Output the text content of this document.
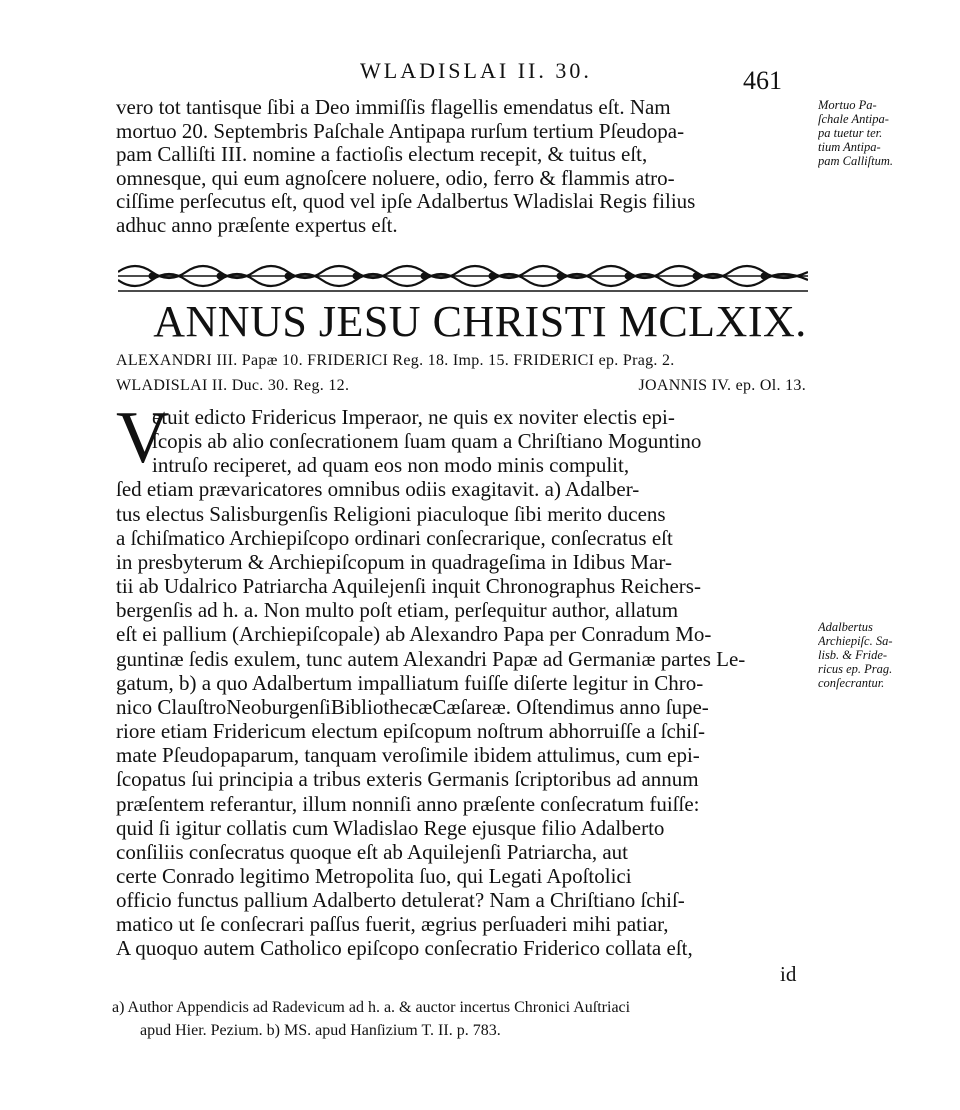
WLADISLAI II. 30.	461
vero tot tantisque ſibi a Deo immiſſis flagellis emendatus eſt. Nam
mortuo 20. Septembris Paſchale Antipapa rurſum tertium Pſeudopa-
pam Calliſti III. nomine a factioſis electum recepit, & tuitus eſt,
omnesque, qui eum agnoſcere noluere, odio, ferro & flammis atro-
ciſſime perſecutus eſt, quod vel ipſe Adalbertus Wladislai Regis filius
adhuc anno præſente expertus eſt.
Mortuo Pa-
ſchale Antipa-
pa tuetur ter.
tium Antipa-
pam Calliſtum.
ANNUS JESU CHRISTI MCLXIX.
ALEXANDRI III. Papæ 10. FRIDERICI Reg. 18. Imp. 15. FRIDERICI ep. Prag. 2.
WLADISLAI II. Duc. 30. Reg. 12.	JOANNIS IV. ep. Ol. 13.
V
etuit edicto Fridericus Imperaor, ne quis ex noviter electis epi-
ſcopis ab alio conſecrationem ſuam quam a Chriſtiano Moguntino
intruſo reciperet, ad quam eos non modo minis compulit,
ſed etiam prævaricatores omnibus odiis exagitavit. a) Adalber-
tus electus Salisburgenſis Religioni piaculoque ſibi merito ducens
a ſchiſmatico Archiepiſcopo ordinari conſecrarique, conſecratus eſt
in presbyterum & Archiepiſcopum in quadrageſima in Idibus Mar-
tii ab Udalrico Patriarcha Aquilejenſi inquit Chronographus Reichers-
bergenſis ad h. a. Non multo poſt etiam, perſequitur author, allatum
eſt ei pallium (Archiepiſcopale) ab Alexandro Papa per Conradum Mo-
guntinæ ſedis exulem, tunc autem Alexandri Papæ ad Germaniæ partes Le-
gatum, b) a quo Adalbertum impalliatum fuiſſe diſerte legitur in Chro-
nico ClauſtroNeoburgenſiBibliothecæCæſareæ. Oſtendimus anno ſupe-
riore etiam Fridericum electum epiſcopum noſtrum abhorruiſſe a ſchiſ-
mate Pſeudopaparum, tanquam veroſimile ibidem attulimus, cum epi-
ſcopatus ſui principia a tribus exteris Germanis ſcriptoribus ad annum
præſentem referantur, illum nonniſi anno præſente conſecratum fuiſſe:
quid ſi igitur collatis cum Wladislao Rege ejusque filio Adalberto
conſiliis conſecratus quoque eſt ab Aquilejenſi Patriarcha, aut
certe Conrado legitimo Metropolita ſuo, qui Legati Apoſtolici
officio functus pallium Adalberto detulerat? Nam a Chriſtiano ſchiſ-
matico ut ſe conſecrari paſſus fuerit, ægrius perſuaderi mihi patiar,
A quoquo autem Catholico epiſcopo conſecratio Friderico collata eſt,
Adalbertus
Archiepiſc. Sa-
lisb. & Fride-
ricus ep. Prag.
conſecrantur.
id
a) Author Appendicis ad Radevicum ad h. a. & auctor incertus Chronici Auſtriaci
apud Hier. Pezium. b) MS. apud Hanſizium T. II. p. 783.
